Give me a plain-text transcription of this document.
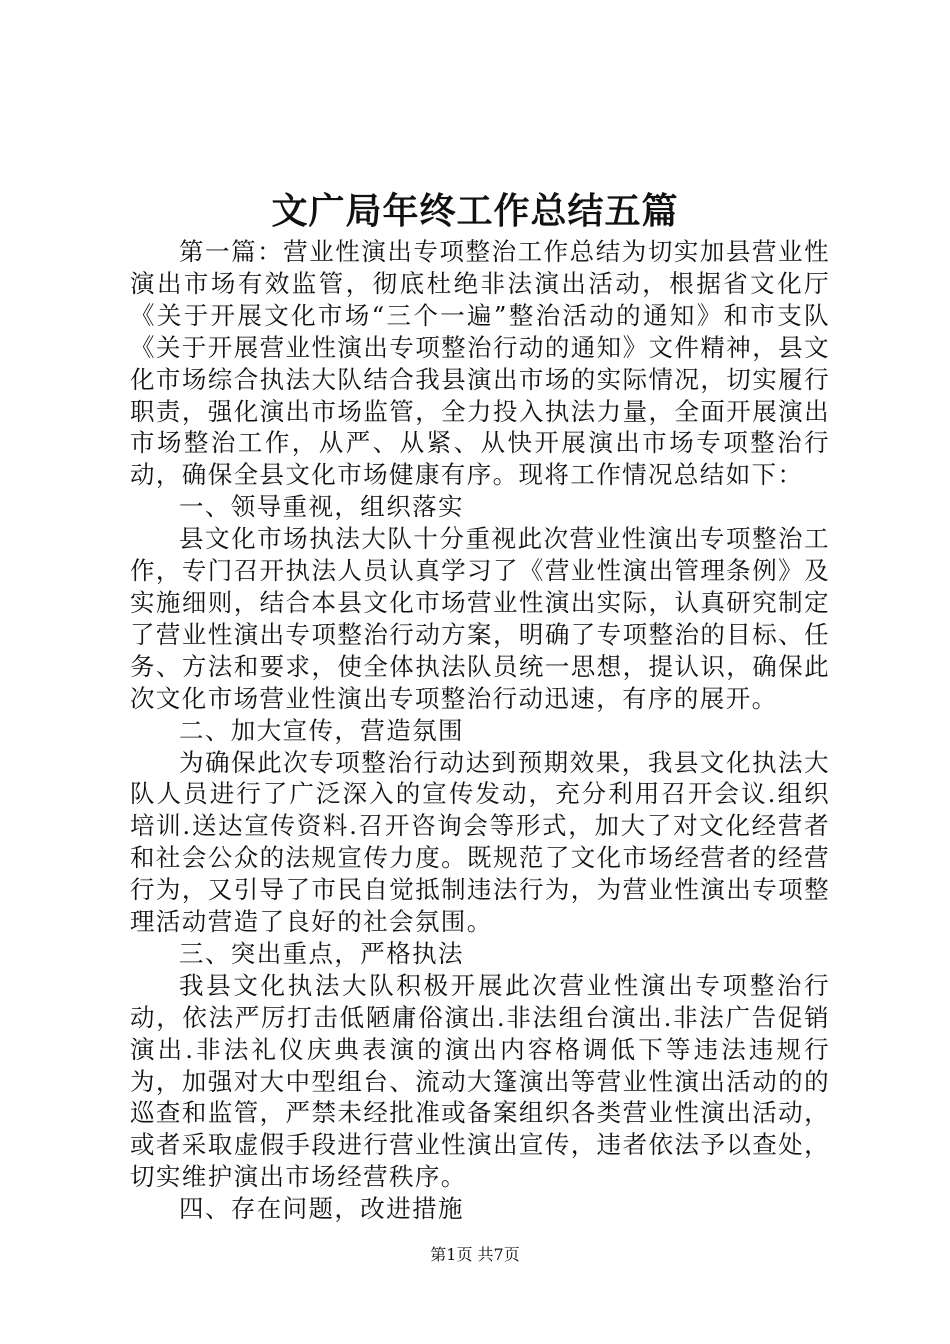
文广局年终工作总结五篇

第一篇：营业性演出专项整治工作总结为切实加县营业性演出市场有效监管，彻底杜绝非法演出活动，根据省文化厅《关于开展文化市场“三个一遍”整治活动的通知》和市支队《关于开展营业性演出专项整治行动的通知》文件精神，县文化市场综合执法大队结合我县演出市场的实际情况，切实履行职责，强化演出市场监管，全力投入执法力量，全面开展演出市场整治工作，从严、从紧、从快开展演出市场专项整治行动，确保全县文化市场健康有序。现将工作情况总结如下：

一、领导重视，组织落实

县文化市场执法大队十分重视此次营业性演出专项整治工作，专门召开执法人员认真学习了《营业性演出管理条例》及实施细则，结合本县文化市场营业性演出实际，认真研究制定了营业性演出专项整治行动方案，明确了专项整治的目标、任务、方法和要求，使全体执法队员统一思想，提认识，确保此次文化市场营业性演出专项整治行动迅速，有序的展开。

二、加大宣传，营造氛围

为确保此次专项整治行动达到预期效果，我县文化执法大队人员进行了广泛深入的宣传发动，充分利用召开会议.组织培训.送达宣传资料.召开咨询会等形式，加大了对文化经营者和社会公众的法规宣传力度。既规范了文化市场经营者的经营行为，又引导了市民自觉抵制违法行为，为营业性演出专项整理活动营造了良好的社会氛围。

三、突出重点，严格执法

我县文化执法大队积极开展此次营业性演出专项整治行动，依法严厉打击低陋庸俗演出.非法组台演出.非法广告促销演出.非法礼仪庆典表演的演出内容格调低下等违法违规行为，加强对大中型组台、流动大篷演出等营业性演出活动的的巡查和监管，严禁未经批准或备案组织各类营业性演出活动，或者采取虚假手段进行营业性演出宣传，违者依法予以查处，切实维护演出市场经营秩序。

四、存在问题，改进措施

第1页 共7页
